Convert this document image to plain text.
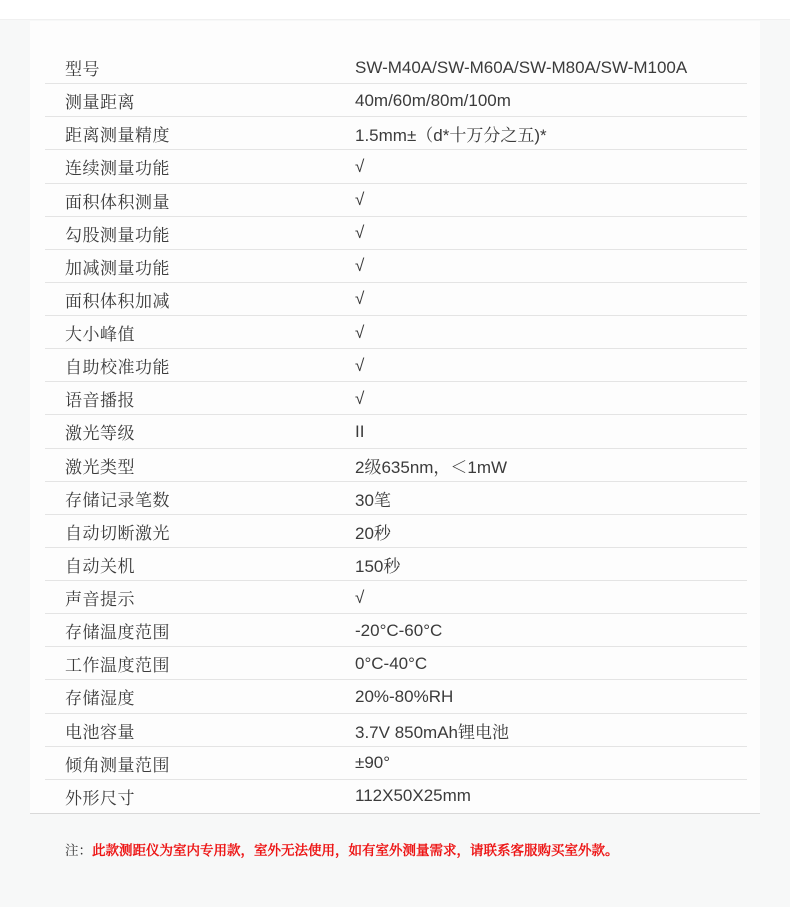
型号	SW-M40A/SW-M60A/SW-M80A/SW-M100A
测量距离	40m/60m/80m/100m
距离测量精度	1.5mm±（d*十万分之五)*
连续测量功能	√
面积体积测量	√
勾股测量功能	√
加减测量功能	√
面积体积加减	√
大小峰值	√
自助校准功能	√
语音播报	√
激光等级	II
激光类型	2级635nm，＜1mW
存储记录笔数	30笔
自动切断激光	20秒
自动关机	150秒
声音提示	√
存储温度范围	-20°C-60°C
工作温度范围	0°C-40°C
存储湿度	20%-80%RH
电池容量	3.7V 850mAh锂电池
倾角测量范围	±90°
外形尺寸	112X50X25mm

注：此款测距仪为室内专用款，室外无法使用，如有室外测量需求，请联系客服购买室外款。
